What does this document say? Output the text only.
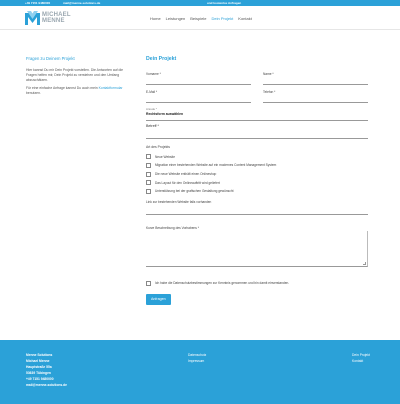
+49 7151 9480000	mail@menne-solutions.de	und kostenlos Anfragen
MICHAEL
MENNE	Home Leistungen Beispiele Dein Projekt Kontakt
Fragen zu Deinem Projekt

Hier kannst Du mir Dein Projekt vorstellen. Die Antworten auf die Fragen helfen mir, Dein Projekt zu verstehen und den Umfang abzuschätzen.

Für eine einfache Anfrage kannst Du auch mein Kontaktformular benutzen.

Dein Projekt
Vorname *	Name *
E-Mail *	Telefon *
Anrede *
Rechtsform auswählen
Betreff *
Art des Projekts
Neue Website
Migration einer bestehenden Website auf ein modernes Content Management System
Die neue Website enthält einen Onlineshop
Das Layout für den Onlineauftritt wird geliefert
Unterstützung bei der grafischen Gestaltung gewünscht
Link zur bestehenden Website falls vorhanden
Kurze Beschreibung des Vorhabens *
Ich habe die Datenschutzbestimmungen zur Kenntnis genommen und bin damit einverstanden.
Anfragen
Menne Solutions
Michael Menne
Hauptstraße 55a
53639 Tübingen
+49 7151 9480000
mail@menne-solutions.de
Datenschutz
Impressum
Dein Projekt
Kontakt
